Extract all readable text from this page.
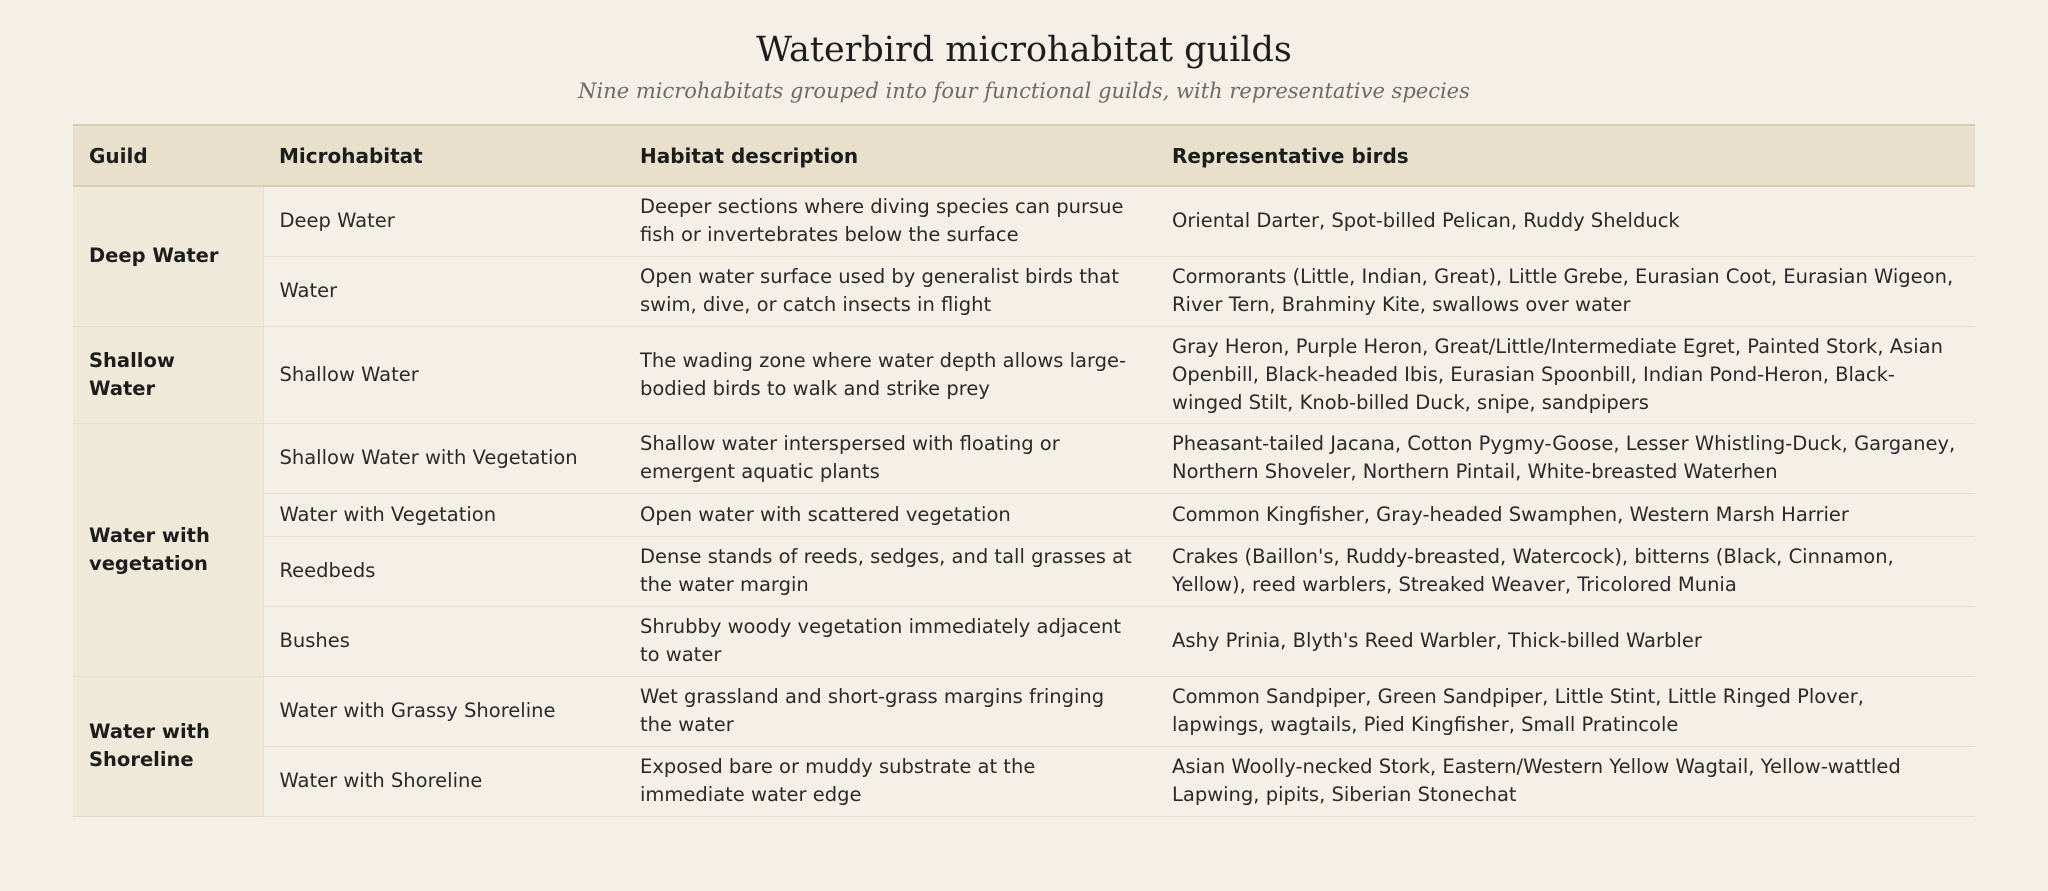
Waterbird microhabitat guilds
Nine microhabitats grouped into four functional guilds, with representative species
Guild	Microhabitat	Habitat description	Representative birds

Deep Water	Deep Water	Deeper sections where diving species can pursue fish or invertebrates below the surface	Oriental Darter, Spot-billed Pelican, Ruddy Shelduck
	Water	Open water surface used by generalist birds that swim, dive, or catch insects in flight	Cormorants (Little, Indian, Great), Little Grebe, Eurasian Coot, Eurasian Wigeon, River Tern, Brahminy Kite, swallows over water

Shallow Water	Shallow Water	The wading zone where water depth allows large-bodied birds to walk and strike prey	Gray Heron, Purple Heron, Great/Little/Intermediate Egret, Painted Stork, Asian Openbill, Black-headed Ibis, Eurasian Spoonbill, Indian Pond-Heron, Black-winged Stilt, Knob-billed Duck, snipe, sandpipers

Water with vegetation	Shallow Water with Vegetation	Shallow water interspersed with floating or emergent aquatic plants	Pheasant-tailed Jacana, Cotton Pygmy-Goose, Lesser Whistling-Duck, Garganey, Northern Shoveler, Northern Pintail, White-breasted Waterhen
	Water with Vegetation	Open water with scattered vegetation	Common Kingfisher, Gray-headed Swamphen, Western Marsh Harrier
	Reedbeds	Dense stands of reeds, sedges, and tall grasses at the water margin	Crakes (Baillon's, Ruddy-breasted, Watercock), bitterns (Black, Cinnamon, Yellow), reed warblers, Streaked Weaver, Tricolored Munia
	Bushes	Shrubby woody vegetation immediately adjacent to water	Ashy Prinia, Blyth's Reed Warbler, Thick-billed Warbler

Water with Shoreline	Water with Grassy Shoreline	Wet grassland and short-grass margins fringing the water	Common Sandpiper, Green Sandpiper, Little Stint, Little Ringed Plover, lapwings, wagtails, Pied Kingfisher, Small Pratincole
	Water with Shoreline	Exposed bare or muddy substrate at the immediate water edge	Asian Woolly-necked Stork, Eastern/Western Yellow Wagtail, Yellow-wattled Lapwing, pipits, Siberian Stonechat
